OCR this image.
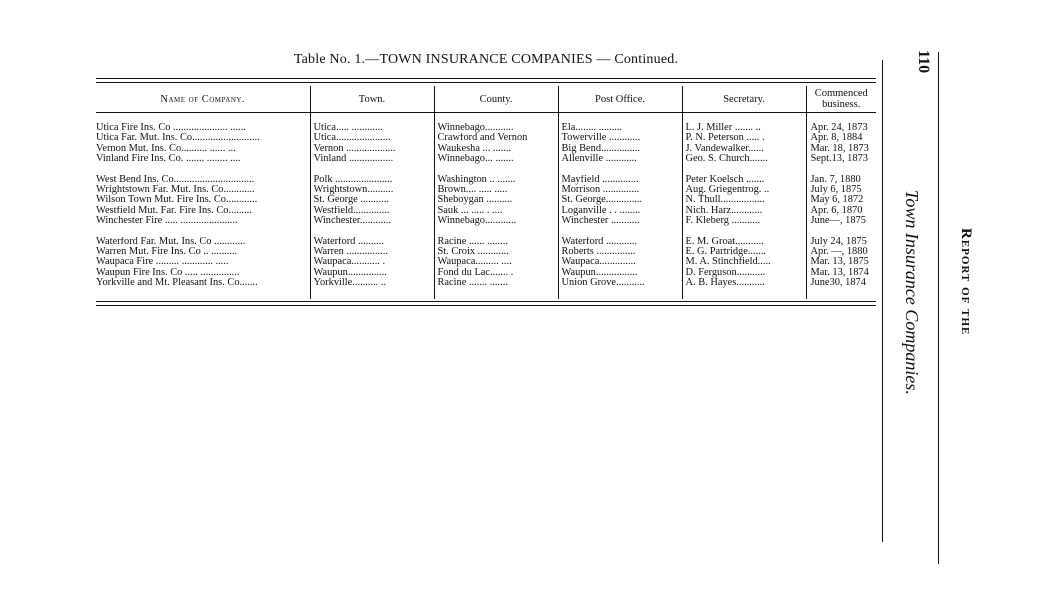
Table No. 1.—TOWN INSURANCE COMPANIES — Continued.
Name of Company.	Town.	County.	Post Office.	Secretary.	Commenced business.

Utica Fire Ins. Co ..................... ......	Utica..... ............	Winnebago...........	Ela........ .........	L. J. Miller ....... ..	Apr. 24, 1873
Utica Far. Mut. Ins. Co..........................	Utica.....................	Crawford and Vernon	Towerville ............	P. N. Peterson ..... .	Apr. 8, 1884
Vernon Mut. Ins. Co.......... ...... ...	Vernon ...................	Waukesha ... .......	Big Bend...............	J. Vandewalker......	Mar. 18, 1873
Vinland Fire Ins. Co. ....... ........ ....	Vinland .................	Winnebago... .......	Allenville ............	Geo. S. Church.......	Sept.13, 1873

West Bend Ins. Co...............................	Polk ......................	Washington .. .......	Mayfield ..............	Peter Koelsch .......	Jan. 7, 1880
Wrightstown Far. Mut. Ins. Co............	Wrightstown..........	Brown.... ..... .....	Morrison ..............	Aug. Griegentrog. ..	July 6, 1875
Wilson Town Mut. Fire Ins. Co............	St. George ...........	Sheboygan ..........	St. George..............	N. Thull.................	May 6, 1872
Westfield Mut. Far. Fire Ins. Co.........	Westfield..............	Sauk ... ..... . ....	Loganville . . ........	Nich. Harz............	Apr. 6, 1870
Winchester Fire ..... ......................	Winchester............	Winnebago............	Winchester ...........	F. Kleberg ...........	June—, 1875

Waterford Far. Mut. Ins. Co ............	Waterford ..........	Racine ...... ........	Waterford ............	E. M. Groat...........	July 24, 1875
Warren Mut. Fire Ins. Co .. ..........	Warren ................	St. Croix ............	Roberts ...............	E. G. Partridge.......	Apr. —, 1880
Waupaca Fire ......... ............ .....	Waupaca........... .	Waupaca......... ....	Waupaca..............	M. A. Stinchfield.....	Mar. 13, 1875
Waupun Fire Ins. Co ..... ...............	Waupun...............	Fond du Lac....... .	Waupun................	D. Ferguson...........	Mar. 13, 1874
Yorkville and Mt. Pleasant Ins. Co.......	Yorkville.......... ..	Racine ....... .......	Union Grove...........	A. B. Hayes...........	June30, 1874

110
Town Insurance Companies. Report of the
